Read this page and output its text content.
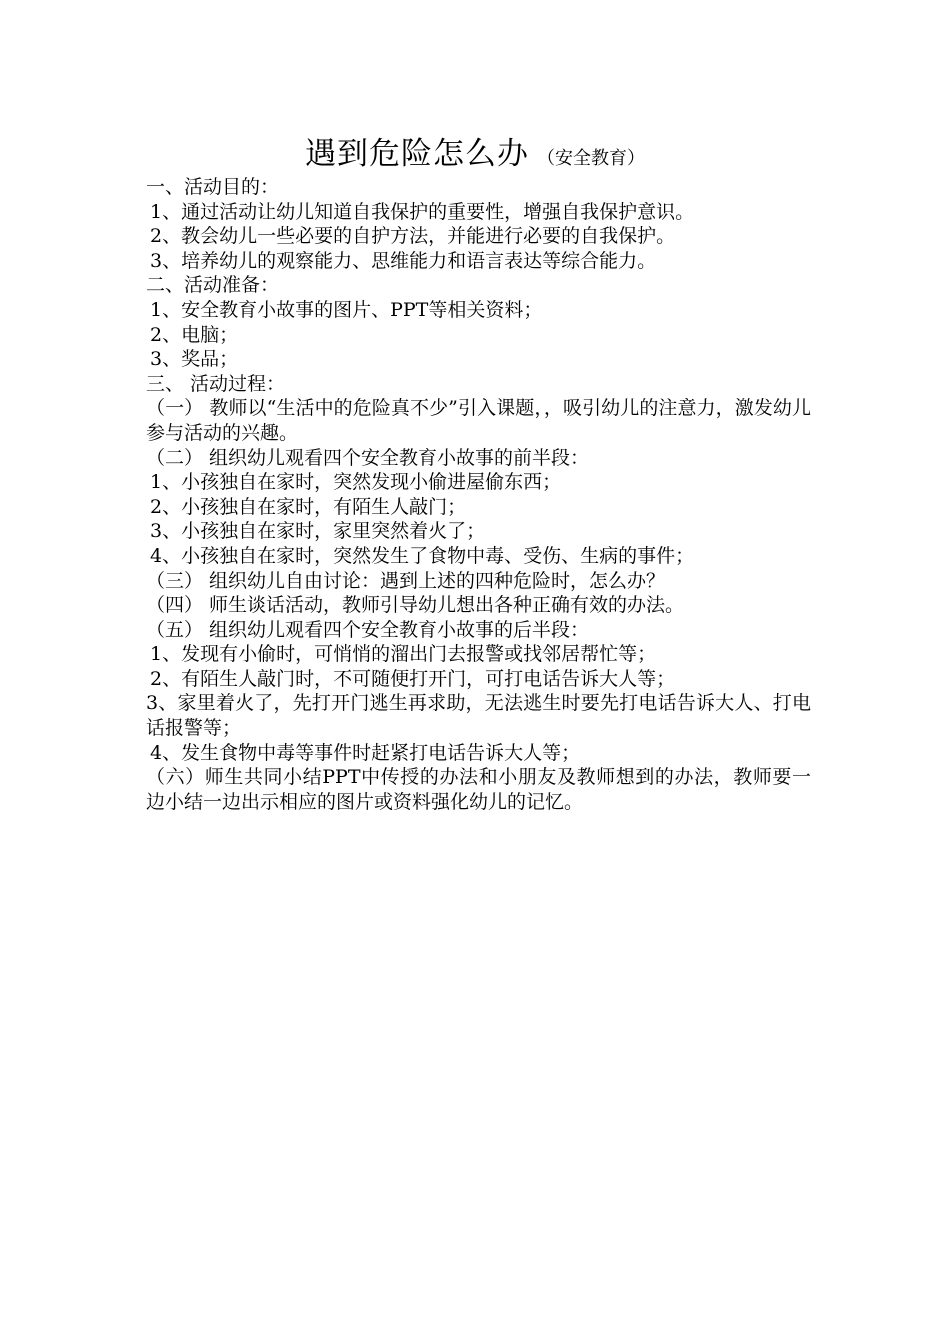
遇到危险怎么办 （安全教育）

一、活动目的：

1、通过活动让幼儿知道自我保护的重要性，增强自我保护意识。

2、教会幼儿一些必要的自护方法，并能进行必要的自我保护。

3、培养幼儿的观察能力、思维能力和语言表达等综合能力。

二、活动准备：

1、安全教育小故事的图片、PPT等相关资料；

2、电脑；

3、奖品；

三、 活动过程：

（一） 教师以“生活中的危险真不少”引入课题，，吸引幼儿的注意力，激发幼儿参与活动的兴趣。

（二） 组织幼儿观看四个安全教育小故事的前半段：

1、小孩独自在家时，突然发现小偷进屋偷东西；

2、小孩独自在家时，有陌生人敲门；

3、小孩独自在家时，家里突然着火了；

4、小孩独自在家时，突然发生了食物中毒、受伤、生病的事件；

（三） 组织幼儿自由讨论：遇到上述的四种危险时，怎么办？

（四） 师生谈话活动，教师引导幼儿想出各种正确有效的办法。

（五） 组织幼儿观看四个安全教育小故事的后半段：

1、发现有小偷时，可悄悄的溜出门去报警或找邻居帮忙等；

2、有陌生人敲门时，不可随便打开门，可打电话告诉大人等；

3、家里着火了，先打开门逃生再求助，无法逃生时要先打电话告诉大人、打电话报警等；

4、发生食物中毒等事件时赶紧打电话告诉大人等；

（六）师生共同小结PPT中传授的办法和小朋友及教师想到的办法，教师要一边小结一边出示相应的图片或资料强化幼儿的记忆。
